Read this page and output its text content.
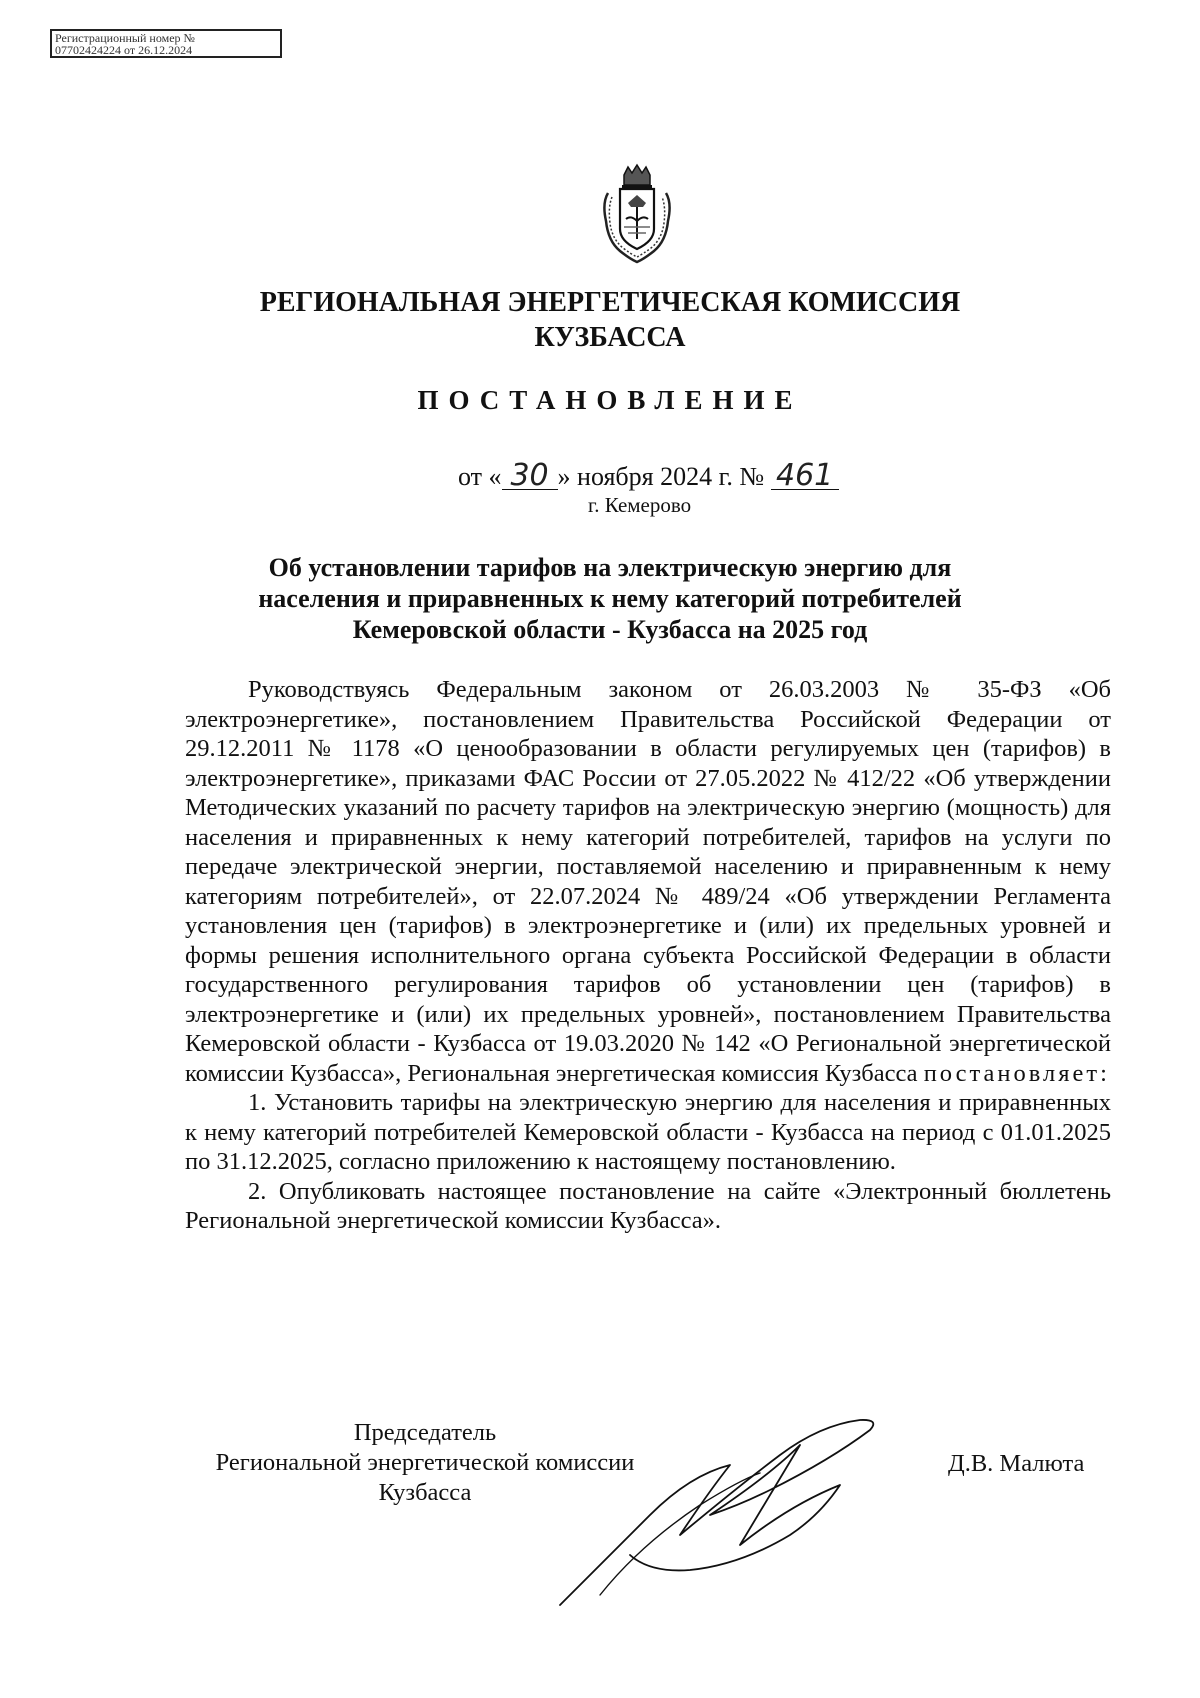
Регистрационный номер №
07702424224 от 26.12.2024
РЕГИОНАЛЬНАЯ ЭНЕРГЕТИЧЕСКАЯ КОМИССИЯ
КУЗБАССА
ПОСТАНОВЛЕНИЕ
от « 30 » ноября 2024 г. № 461
г. Кемерово
Об установлении тарифов на электрическую энергию для
населения и приравненных к нему категорий потребителей
Кемеровской области - Кузбасса на 2025 год

Руководствуясь Федеральным законом от 26.03.2003 № 35-ФЗ «Об электроэнергетике», постановлением Правительства Российской Федерации от 29.12.2011 № 1178 «О ценообразовании в области регулируемых цен (тарифов) в электроэнергетике», приказами ФАС России от 27.05.2022 № 412/22 «Об утверждении Методических указаний по расчету тарифов на электрическую энергию (мощность) для населения и приравненных к нему категорий потребителей, тарифов на услуги по передаче электрической энергии, поставляемой населению и приравненным к нему категориям потребителей», от 22.07.2024 № 489/24 «Об утверждении Регламента установления цен (тарифов) в электроэнергетике и (или) их предельных уровней и формы решения исполнительного органа субъекта Российской Федерации в области государственного регулирования тарифов об установлении цен (тарифов) в электроэнергетике и (или) их предельных уровней», постановлением Правительства Кемеровской области - Кузбасса от 19.03.2020 № 142 «О Региональной энергетической комиссии Кузбасса», Региональная энергетическая комиссия Кузбасса постановляет:

1. Установить тарифы на электрическую энергию для населения и приравненных к нему категорий потребителей Кемеровской области - Кузбасса на период с 01.01.2025 по 31.12.2025, согласно приложению к настоящему постановлению.

2. Опубликовать настоящее постановление на сайте «Электронный бюллетень Региональной энергетической комиссии Кузбасса».

Председатель
Региональной энергетической комиссии
Кузбасса
Д.В. Малюта
